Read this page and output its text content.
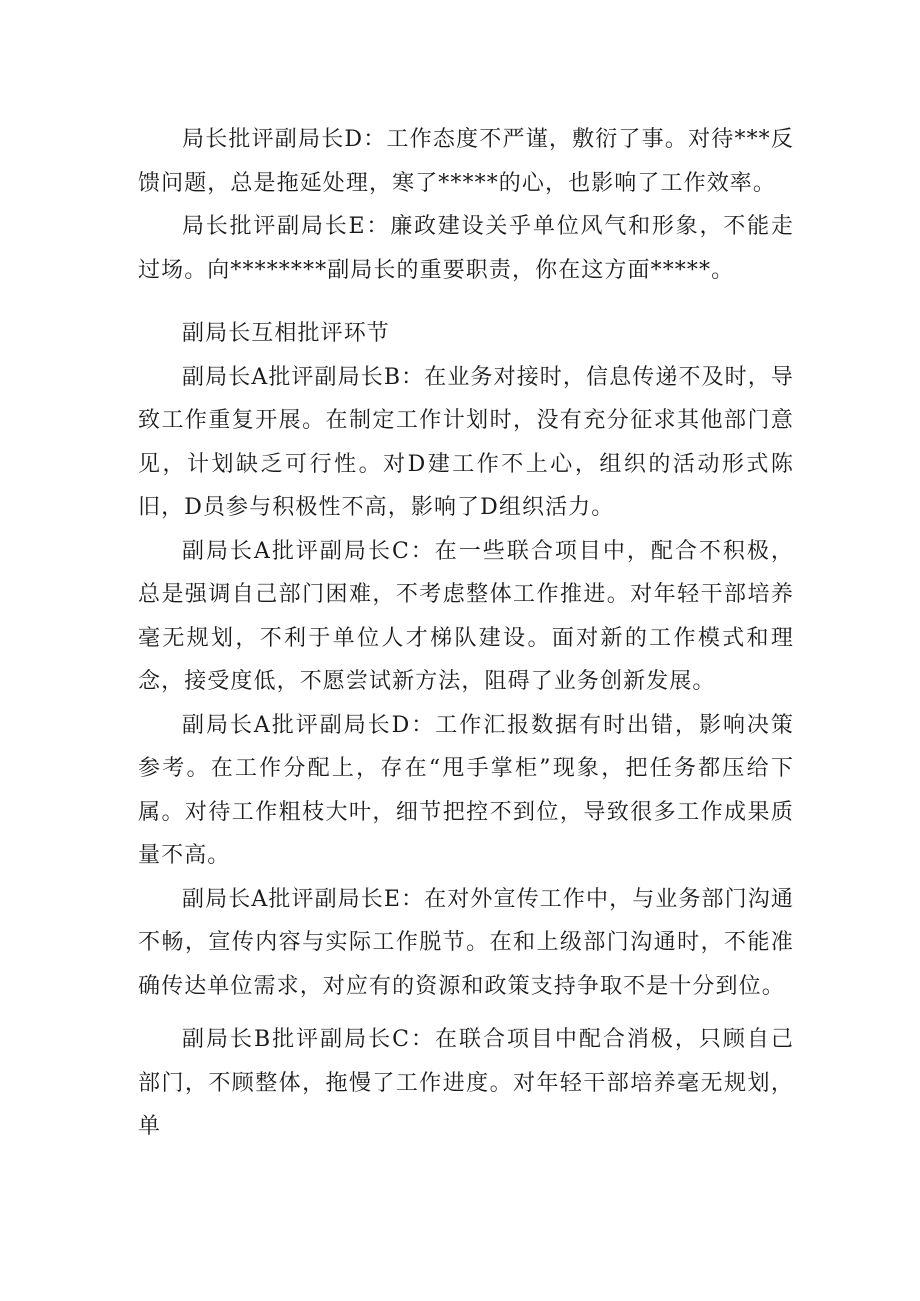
局长批评副局长D：工作态度不严谨，敷衍了事。对待***反馈问题，总是拖延处理，寒了*****的心，也影响了工作效率。

局长批评副局长E：廉政建设关乎单位风气和形象，不能走过场。向********副局长的重要职责，你在这方面*****。

副局长互相批评环节

副局长A批评副局长B：在业务对接时，信息传递不及时，导致工作重复开展。在制定工作计划时，没有充分征求其他部门意见，计划缺乏可行性。对D建工作不上心，组织的活动形式陈旧，D员参与积极性不高，影响了D组织活力。

副局长A批评副局长C：在一些联合项目中，配合不积极，总是强调自己部门困难，不考虑整体工作推进。对年轻干部培养毫无规划，不利于单位人才梯队建设。面对新的工作模式和理念，接受度低，不愿尝试新方法，阻碍了业务创新发展。

副局长A批评副局长D：工作汇报数据有时出错，影响决策参考。在工作分配上，存在“甩手掌柜”现象，把任务都压给下属。对待工作粗枝大叶，细节把控不到位，导致很多工作成果质量不高。

副局长A批评副局长E：在对外宣传工作中，与业务部门沟通不畅，宣传内容与实际工作脱节。在和上级部门沟通时，不能准确传达单位需求，对应有的资源和政策支持争取不是十分到位。

副局长B批评副局长C：在联合项目中配合消极，只顾自己部门，不顾整体，拖慢了工作进度。对年轻干部培养毫无规划，单
